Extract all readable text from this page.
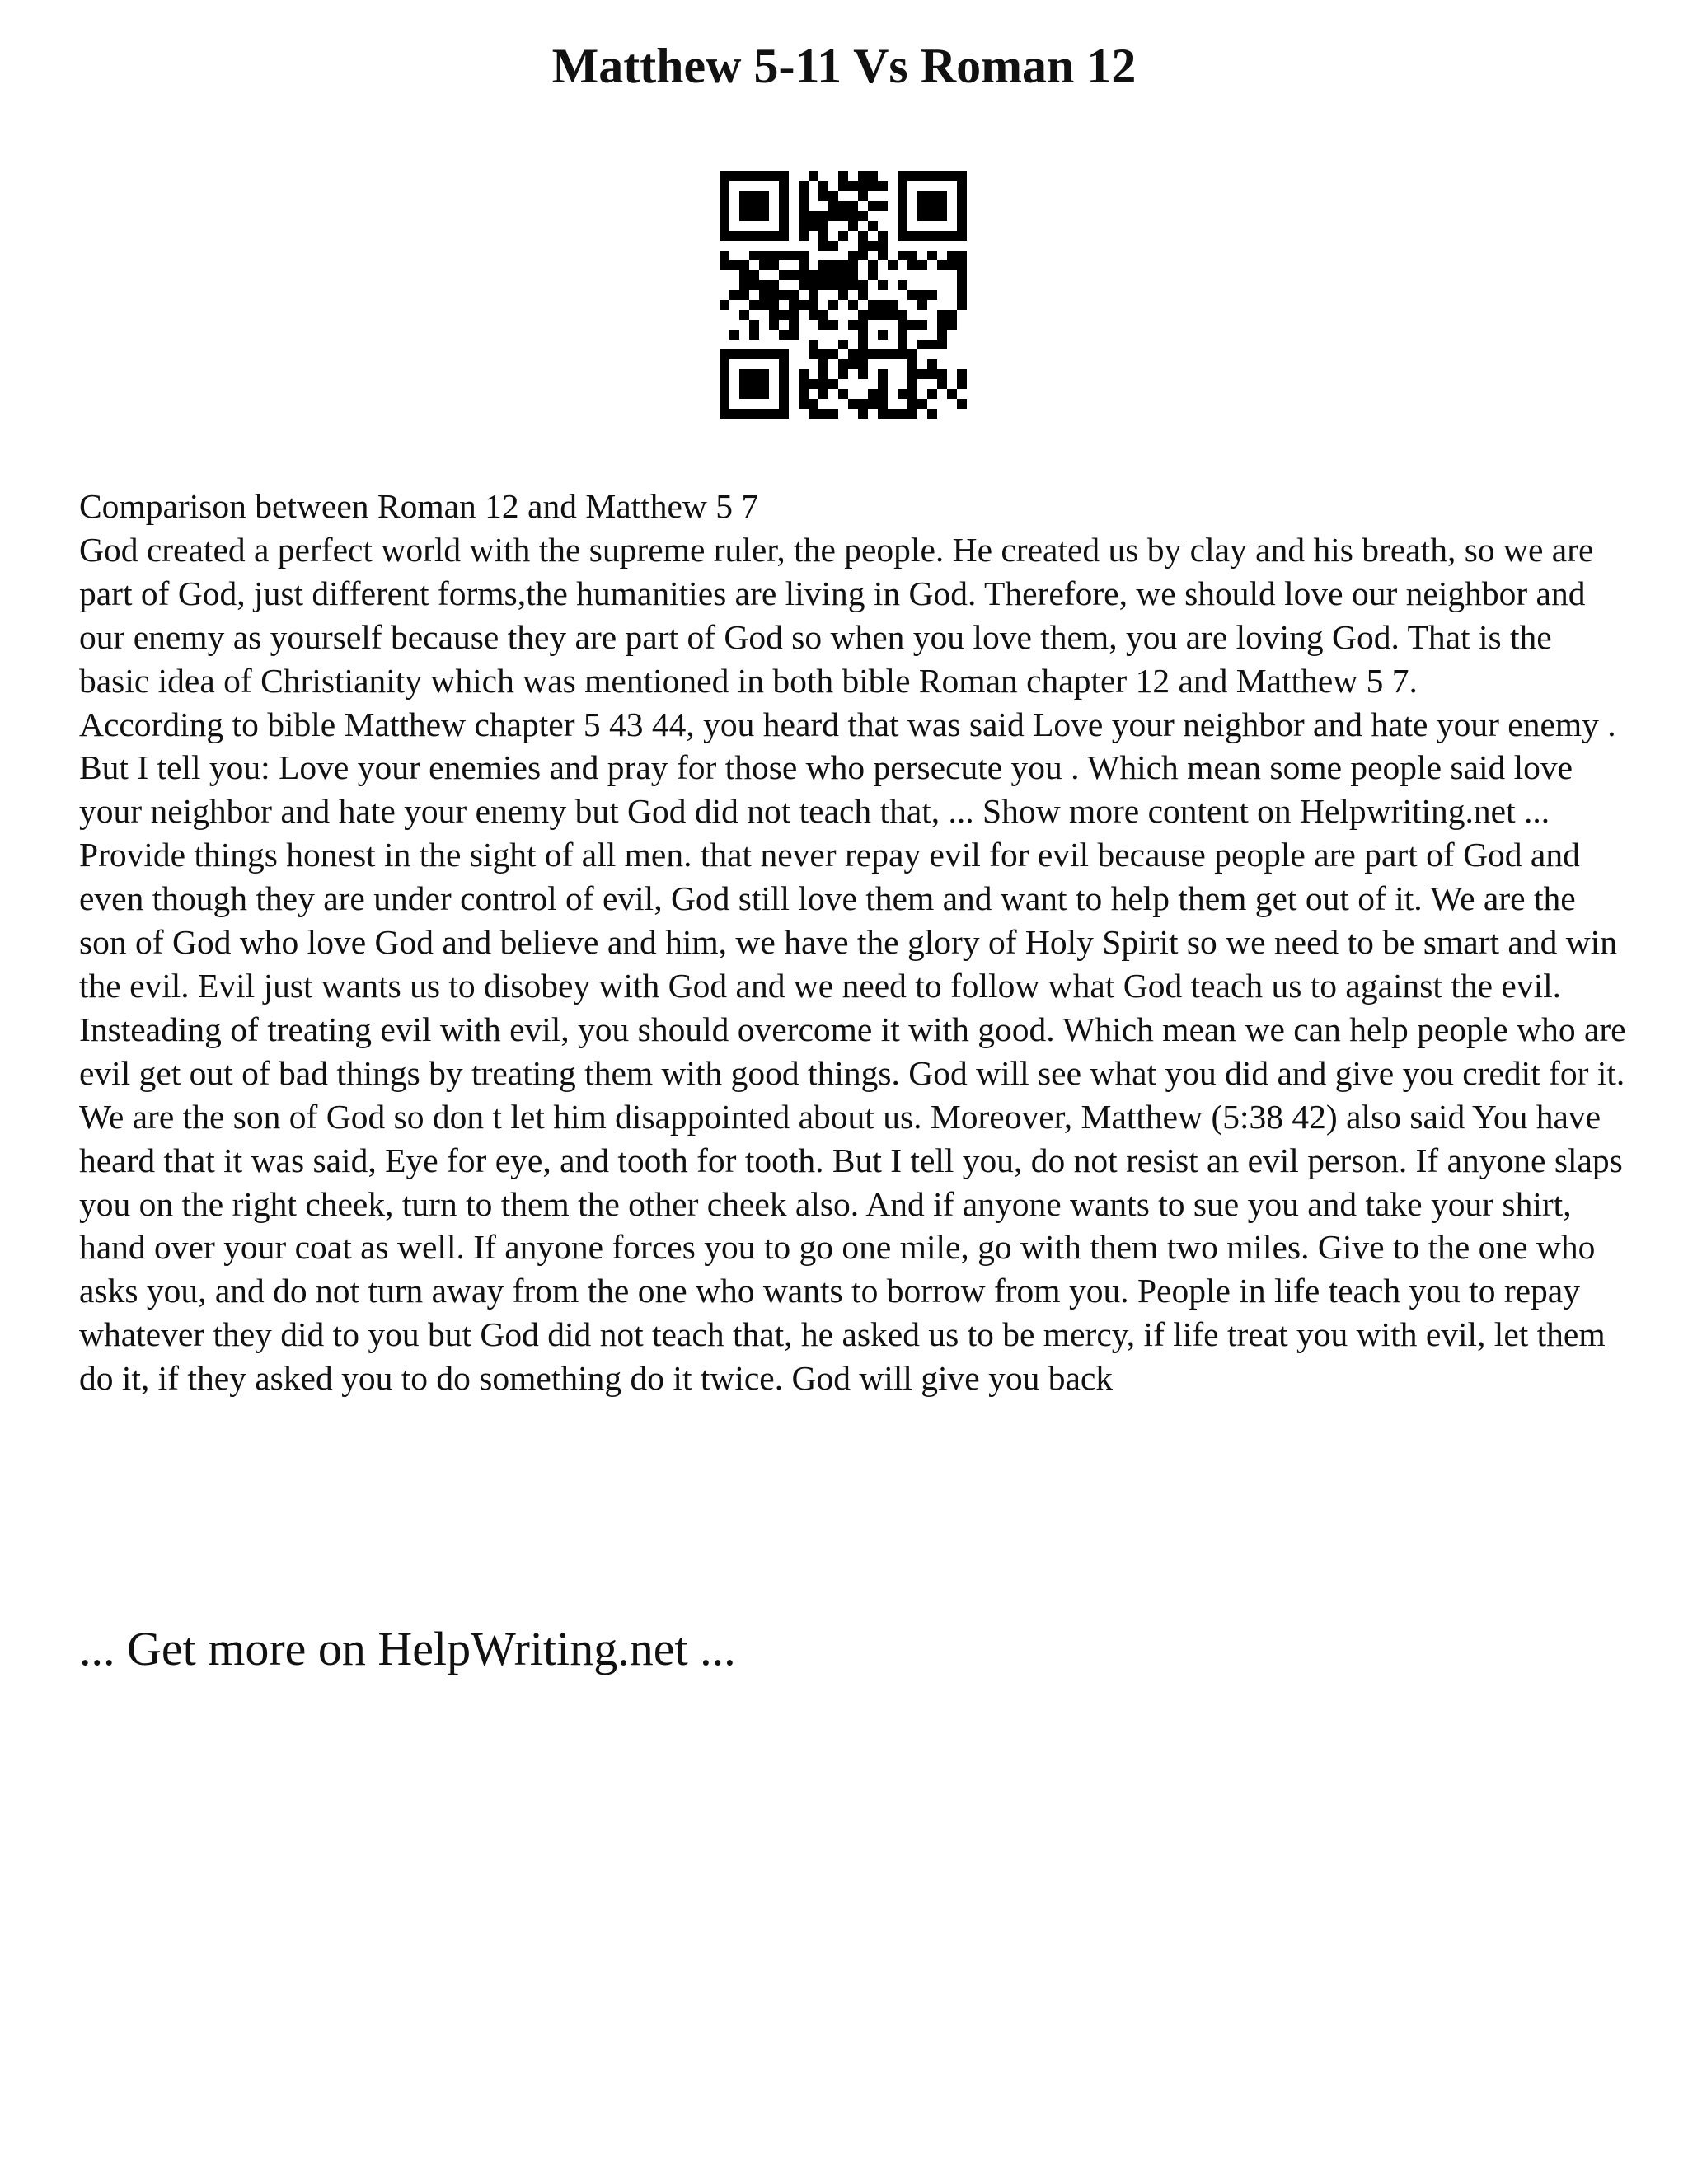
Matthew 5-11 Vs Roman 12

Comparison between Roman 12 and Matthew 5 7

God created a perfect world with the supreme ruler, the people. He created us by clay and his breath, so we are part of God, just different forms,the humanities are living in God. Therefore, we should love our neighbor and our enemy as yourself because they are part of God so when you love them, you are loving God. That is the basic idea of Christianity which was mentioned in both bible Roman chapter 12 and Matthew 5 7.

According to bible Matthew chapter 5 43 44, you heard that was said Love your neighbor and hate your enemy . But I tell you: Love your enemies and pray for those who persecute you . Which mean some people said love your neighbor and hate your enemy but God did not teach that, ... Show more content on Helpwriting.net ...

Provide things honest in the sight of all men. that never repay evil for evil because people are part of God and even though they are under control of evil, God still love them and want to help them get out of it. We are the son of God who love God and believe and him, we have the glory of Holy Spirit so we need to be smart and win the evil. Evil just wants us to disobey with God and we need to follow what God teach us to against the evil. Insteading of treating evil with evil, you should overcome it with good. Which mean we can help people who are evil get out of bad things by treating them with good things. God will see what you did and give you credit for it. We are the son of God so don t let him disappointed about us. Moreover, Matthew (5:38 42) also said You have heard that it was said, Eye for eye, and tooth for tooth. But I tell you, do not resist an evil person. If anyone slaps you on the right cheek, turn to them the other cheek also. And if anyone wants to sue you and take your shirt, hand over your coat as well. If anyone forces you to go one mile, go with them two miles. Give to the one who asks you, and do not turn away from the one who wants to borrow from you. People in life teach you to repay whatever they did to you but God did not teach that, he asked us to be mercy, if life treat you with evil, let them do it, if they asked you to do something do it twice. God will give you back

... Get more on HelpWriting.net ...
